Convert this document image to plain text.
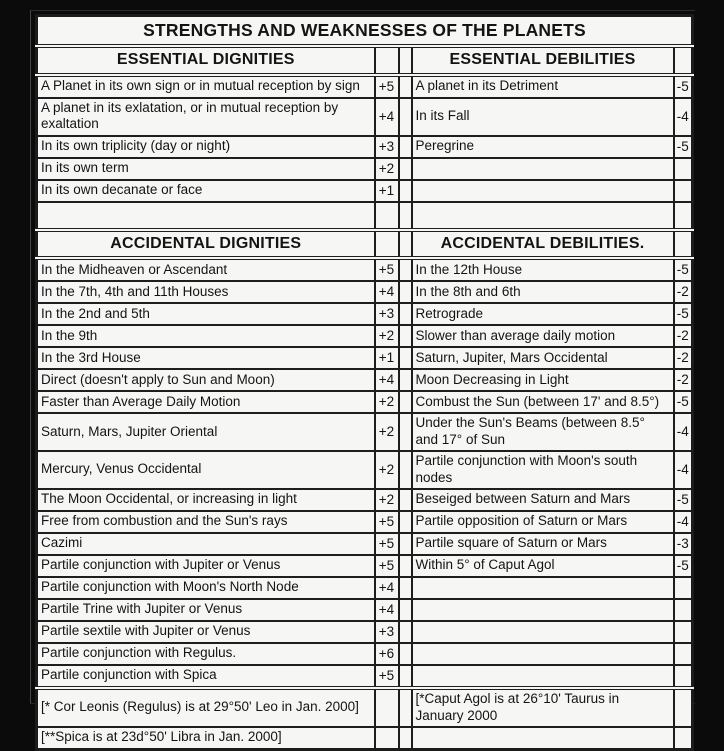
STRENGTHS AND WEAKNESSES OF THE PLANETS				
ESSENTIAL DIGNITIES			ESSENTIAL DEBILITIES	
A Planet in its own sign or in mutual reception by sign	+5		A planet in its Detriment	-5
A planet in its exlatation, or in mutual reception by exaltation	+4		In its Fall	-4
In its own triplicity (day or night)	+3		Peregrine	-5
In its own term	+2			
In its own decanate or face	+1			

ACCIDENTAL DIGNITIES			ACCIDENTAL DEBILITIES.	
In the Midheaven or Ascendant	+5		In the 12th House	-5
In the 7th, 4th and 11th Houses	+4		In the 8th and 6th	-2
In the 2nd and 5th	+3		Retrograde	-5
In the 9th	+2		Slower than average daily motion	-2
In the 3rd House	+1		Saturn, Jupiter, Mars Occidental	-2
Direct (doesn't apply to Sun and Moon)	+4		Moon Decreasing in Light	-2
Faster than Average Daily Motion	+2		Combust the Sun (between 17' and 8.5°)	-5
Saturn, Mars, Jupiter Oriental	+2		Under the Sun's Beams (between 8.5° and 17° of Sun	-4
Mercury, Venus Occidental	+2		Partile conjunction with Moon's south nodes	-4
The Moon Occidental, or increasing in light	+2		Beseiged between Saturn and Mars	-5
Free from combustion and the Sun's rays	+5		Partile opposition of Saturn or Mars	-4
Cazimi	+5		Partile square of Saturn or Mars	-3
Partile conjunction with Jupiter or Venus	+5		Within 5° of Caput Agol	-5
Partile conjunction with Moon's North Node	+4			
Partile Trine with Jupiter or Venus	+4			
Partile sextile with Jupiter or Venus	+3			
Partile conjunction with Regulus.	+6			
Partile conjunction with Spica	+5			
[* Cor Leonis (Regulus) is at 29°50' Leo in Jan. 2000]			[*Caput Agol is at 26°10' Taurus in January 2000	
[**Spica is at 23d°50' Libra in Jan. 2000]				
